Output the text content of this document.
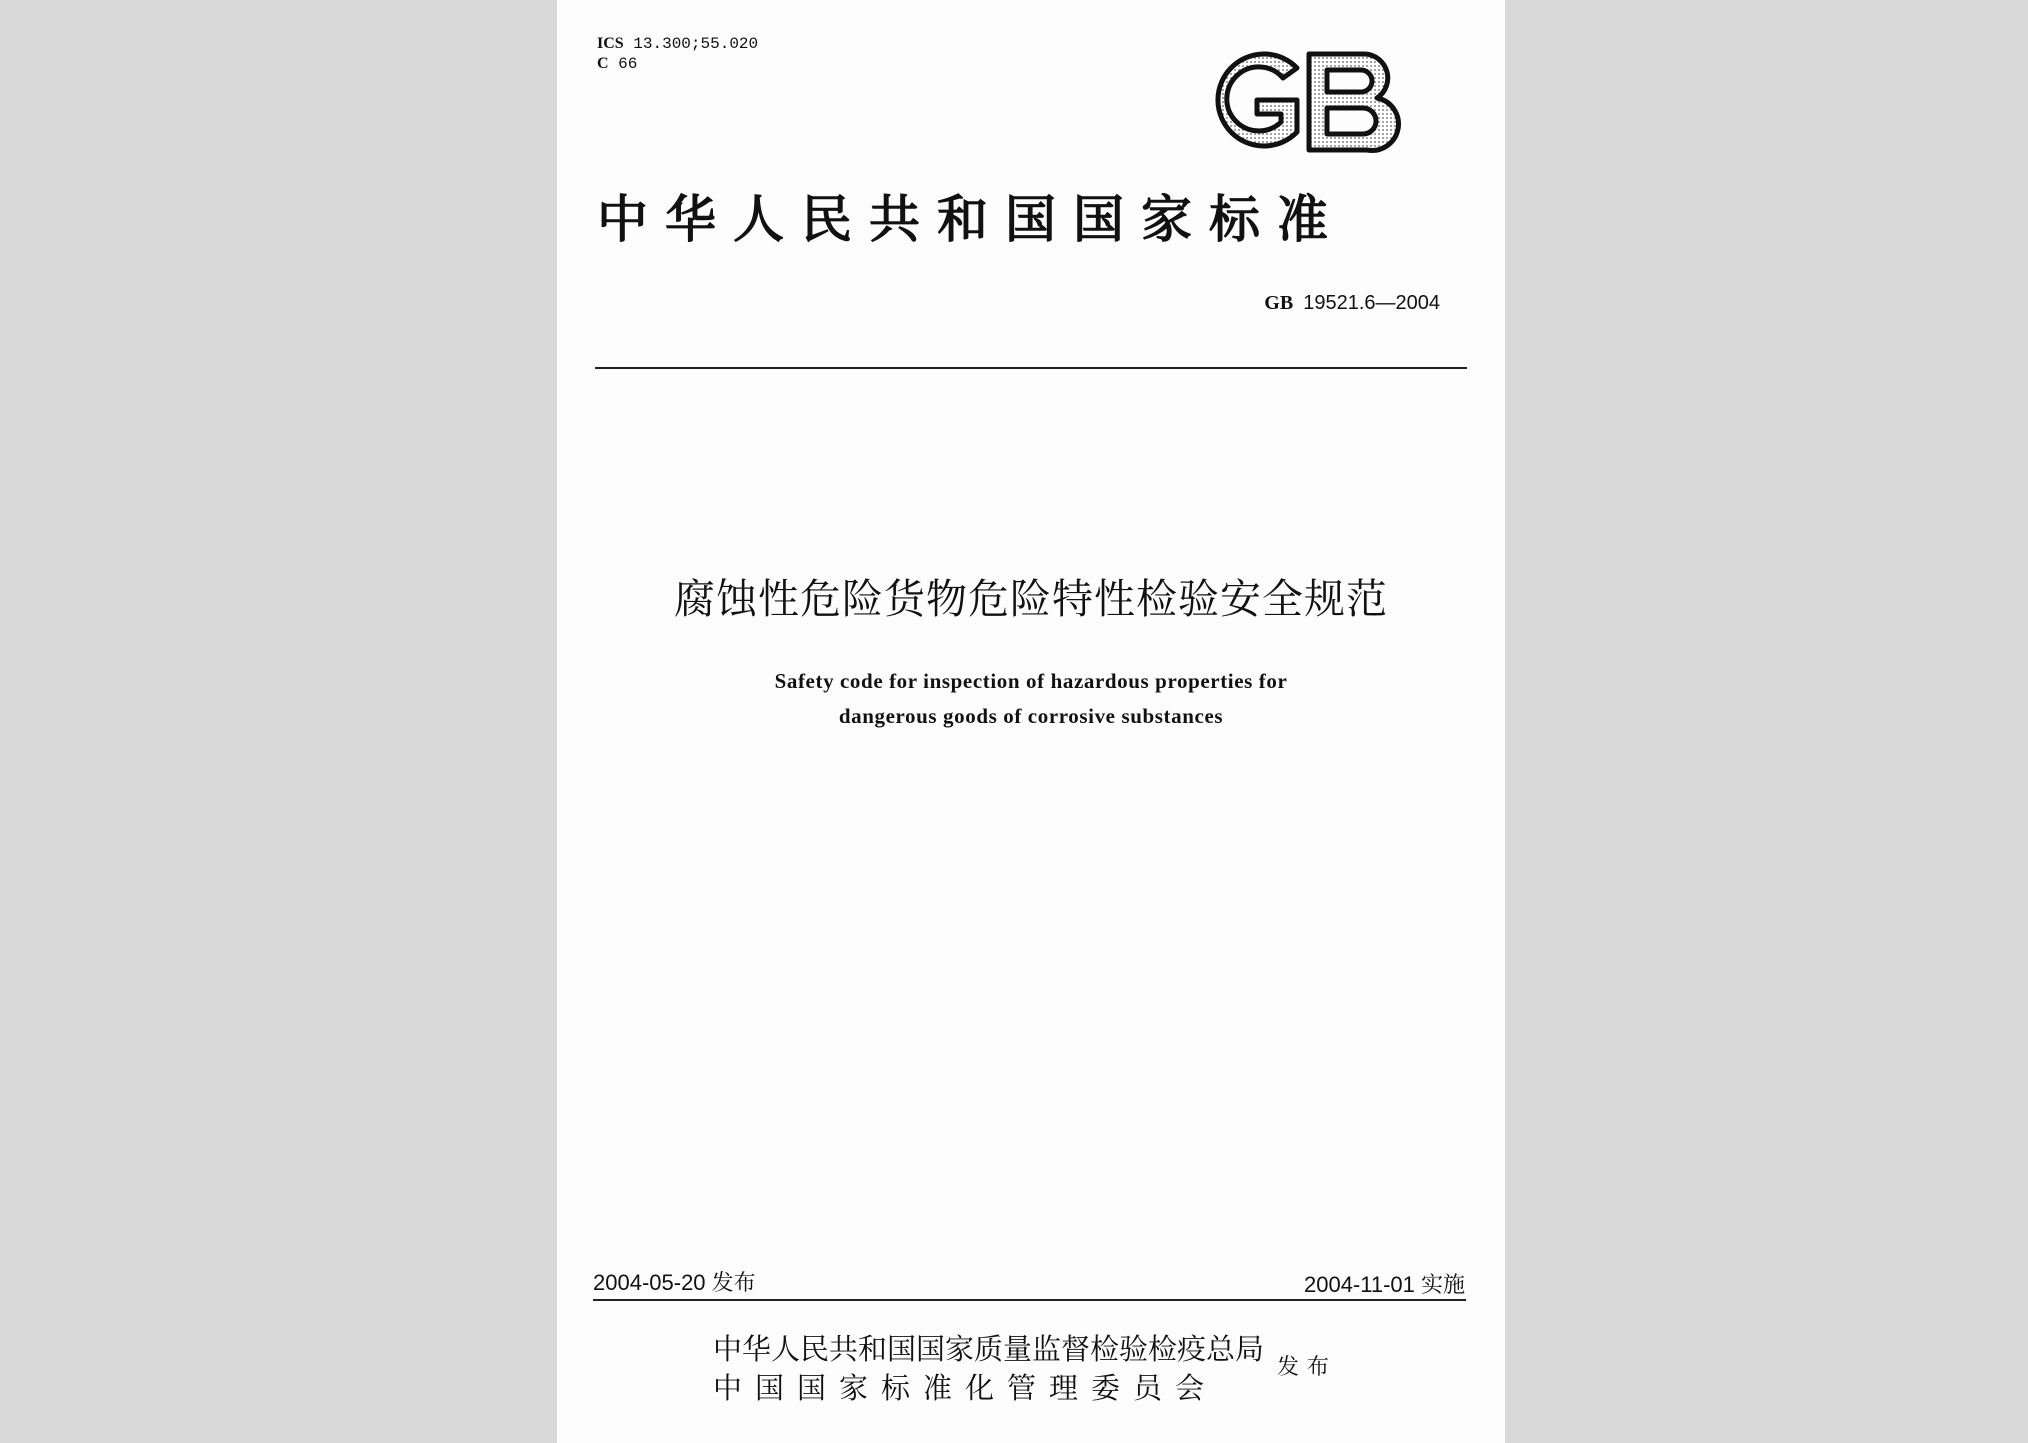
ICS 13.300;55.020
C 66
中华人民共和国国家标准
GB 19521.6—2004
腐蚀性危险货物危险特性检验安全规范
Safety code for inspection of hazardous properties for
dangerous goods of corrosive substances
2004-05-20 发布	2004-11-01 实施
中华人民共和国国家质量监督检验检疫总局
中国国家标准化管理委员会
发布
